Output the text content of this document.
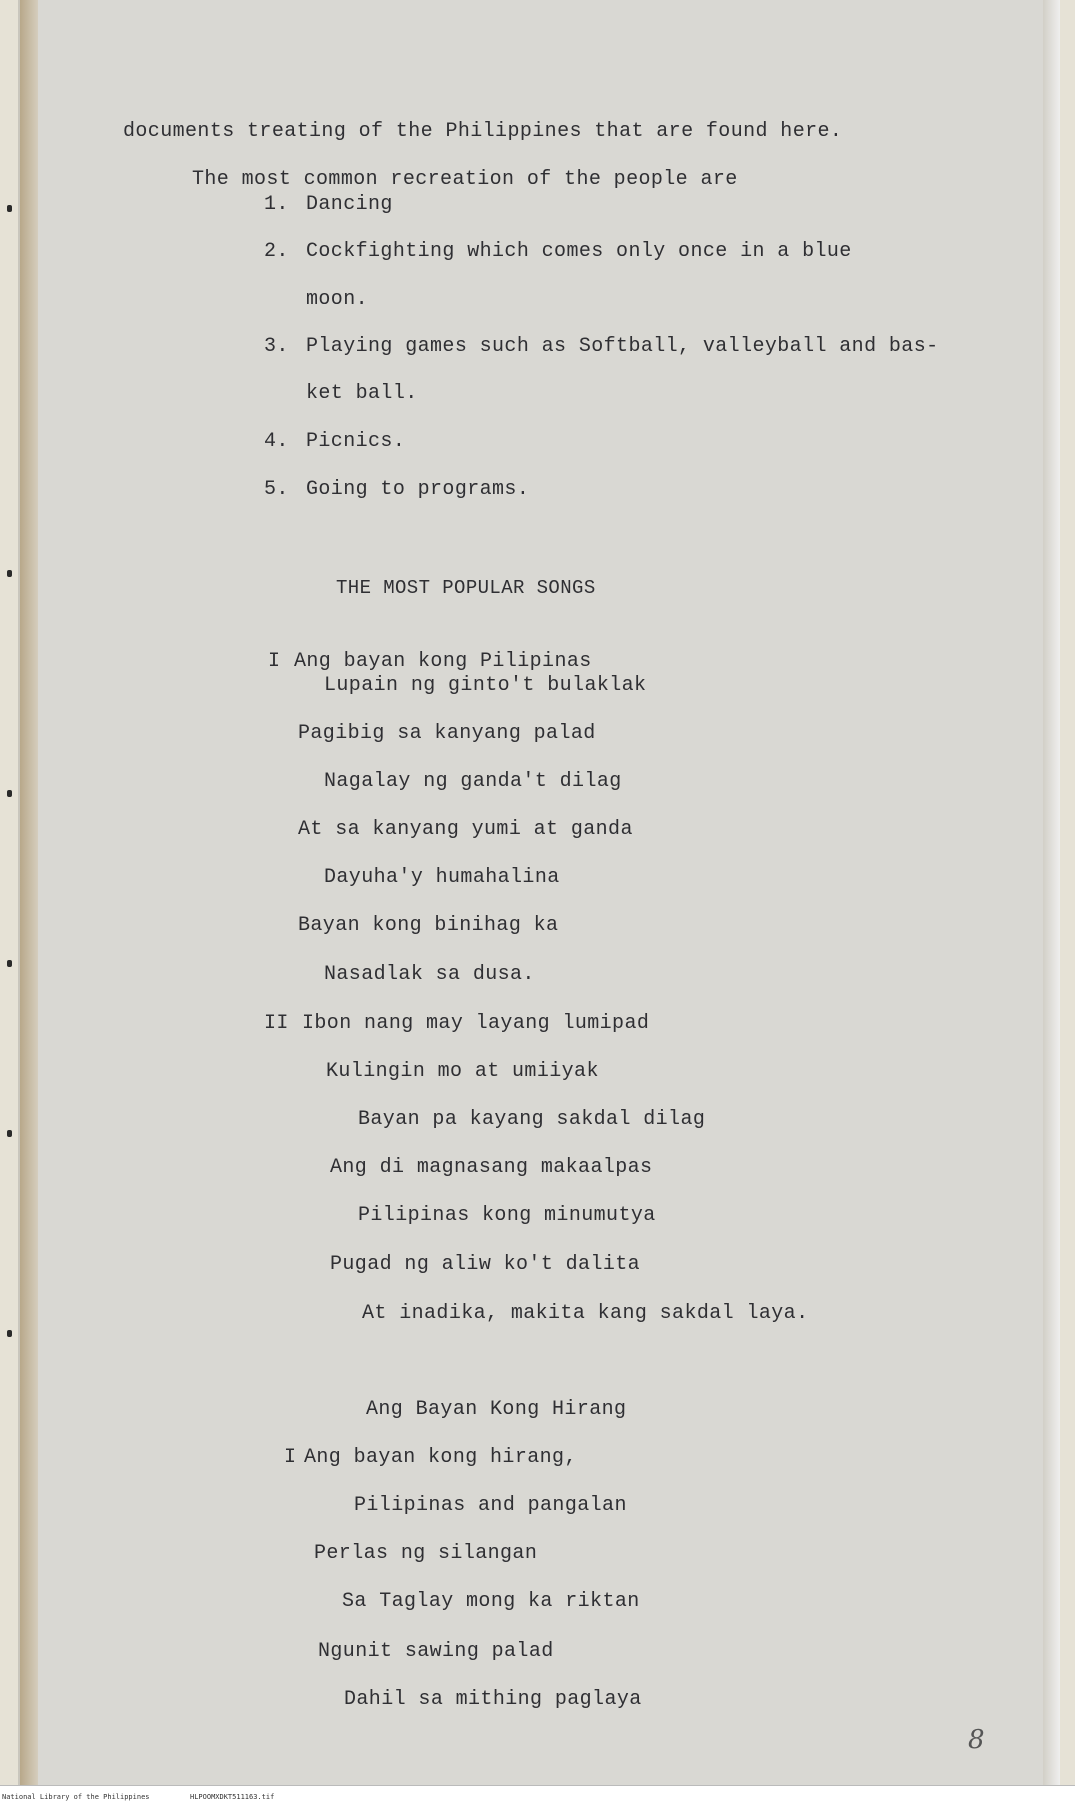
documents treating of the Philippines that are found here.
The most common recreation of the people are
1. Dancing
2. Cockfighting which comes only once in a blue
moon.
3. Playing games such as Softball, valleyball and bas-
ket ball.
4. Picnics.
5. Going to programs.
THE MOST POPULAR SONGS
I Ang bayan kong Pilipinas
Lupain ng ginto't bulaklak
Pagibig sa kanyang palad
Nagalay ng ganda't dilag
At sa kanyang yumi at ganda
Dayuha'y humahalina
Bayan kong binihag ka
Nasadlak sa dusa.
II Ibon nang may layang lumipad
Kulingin mo at umiiyak
Bayan pa kayang sakdal dilag
Ang di magnasang makaalpas
Pilipinas kong minumutya
Pugad ng aliw ko't dalita
At inadika, makita kang sakdal laya.
Ang Bayan Kong Hirang
I Ang bayan kong hirang,
Pilipinas and pangalan
Perlas ng silangan
Sa Taglay mong ka riktan
Ngunit sawing palad
Dahil sa mithing paglaya
8
National Library of the Philippines	HLPOOMXDKT511163.tif
